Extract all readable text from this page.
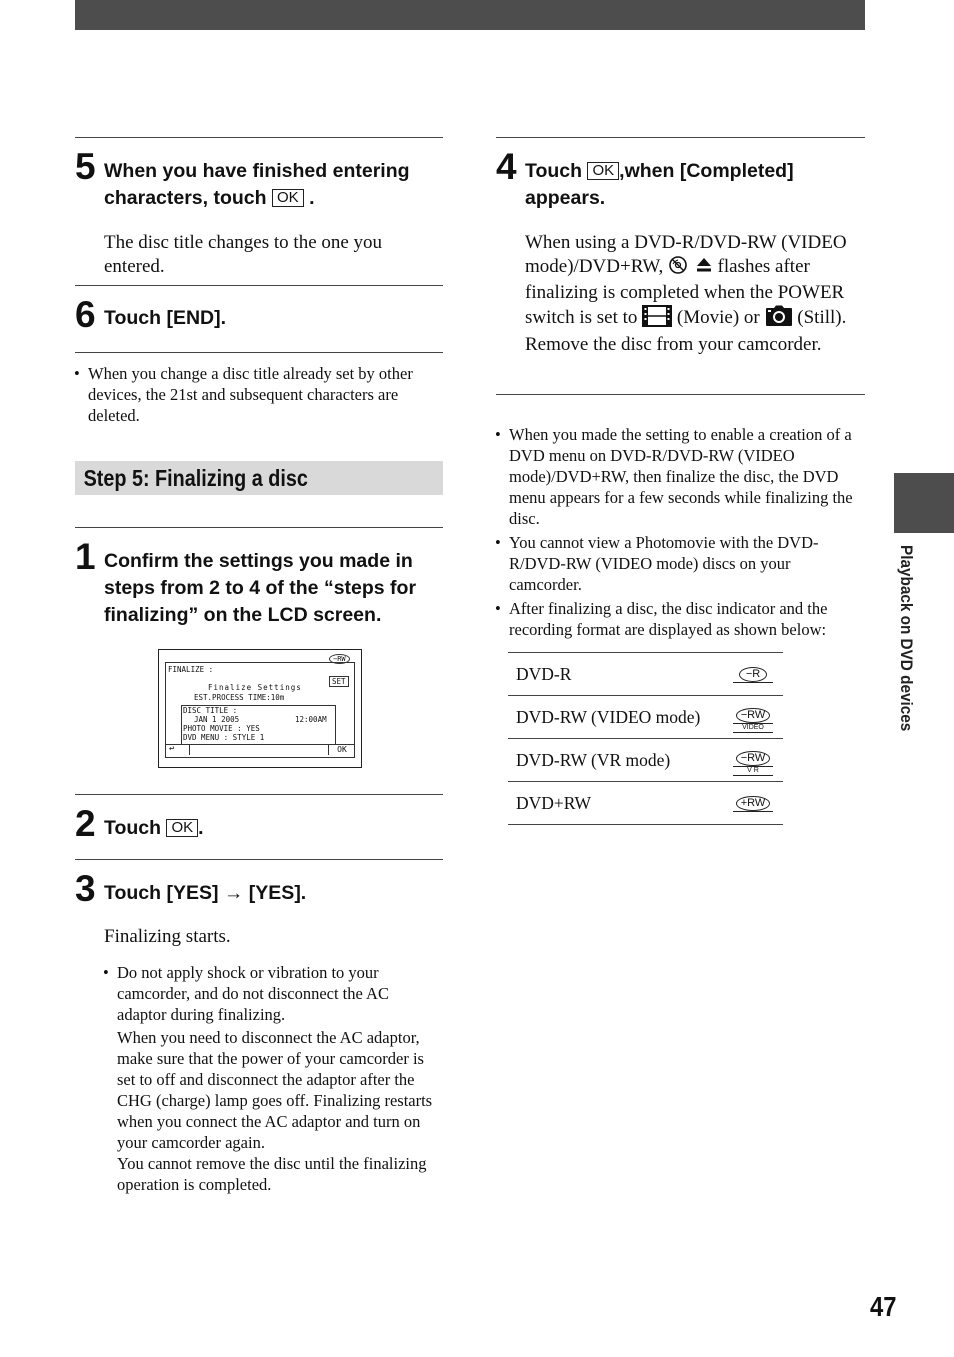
5 When you have finished entering characters, touch OK .
The disc title changes to the one you entered.
6 Touch [END].
• When you change a disc title already set by other devices, the 21st and subsequent characters are deleted.
Step 5: Finalizing a disc
1 Confirm the settings you made in steps from 2 to 4 of the “steps for finalizing” on the LCD screen.
FINALIZE :
−RW
SET
Finalize Settings
EST.PROCESS TIME:10m
DISC TITLE :
JAN 1 2005	12:00AM
PHOTO MOVIE : YES
DVD MENU : STYLE 1
↩	OK
2 Touch OK .
3 Touch [YES] → [YES].
Finalizing starts.
• Do not apply shock or vibration to your camcorder, and do not disconnect the AC adaptor during finalizing.
When you need to disconnect the AC adaptor, make sure that the power of your camcorder is set to off and disconnect the adaptor after the CHG (charge) lamp goes off. Finalizing restarts when you connect the AC adaptor and turn on your camcorder again.
You cannot remove the disc until the finalizing operation is completed.
4 Touch OK ,when [Completed] appears.
When using a DVD-R/DVD-RW (VIDEO mode)/DVD+RW,	flashes after finalizing is completed when the POWER switch is set to (Movie) or (Still). Remove the disc from your camcorder.
• When you made the setting to enable a creation of a DVD menu on DVD-R/DVD-RW (VIDEO mode)/DVD+RW, then finalize the disc, the DVD menu appears for a few seconds while finalizing the disc.
• You cannot view a Photomovie with the DVD-R/DVD-RW (VIDEO mode) discs on your camcorder.
• After finalizing a disc, the disc indicator and the recording format are displayed as shown below:
DVD-R	−R

DVD-RW (VIDEO mode)	−RW
VIDEO

DVD-RW (VR mode)	−RW
V R

DVD+RW	+RW
Playback on DVD devices
47
